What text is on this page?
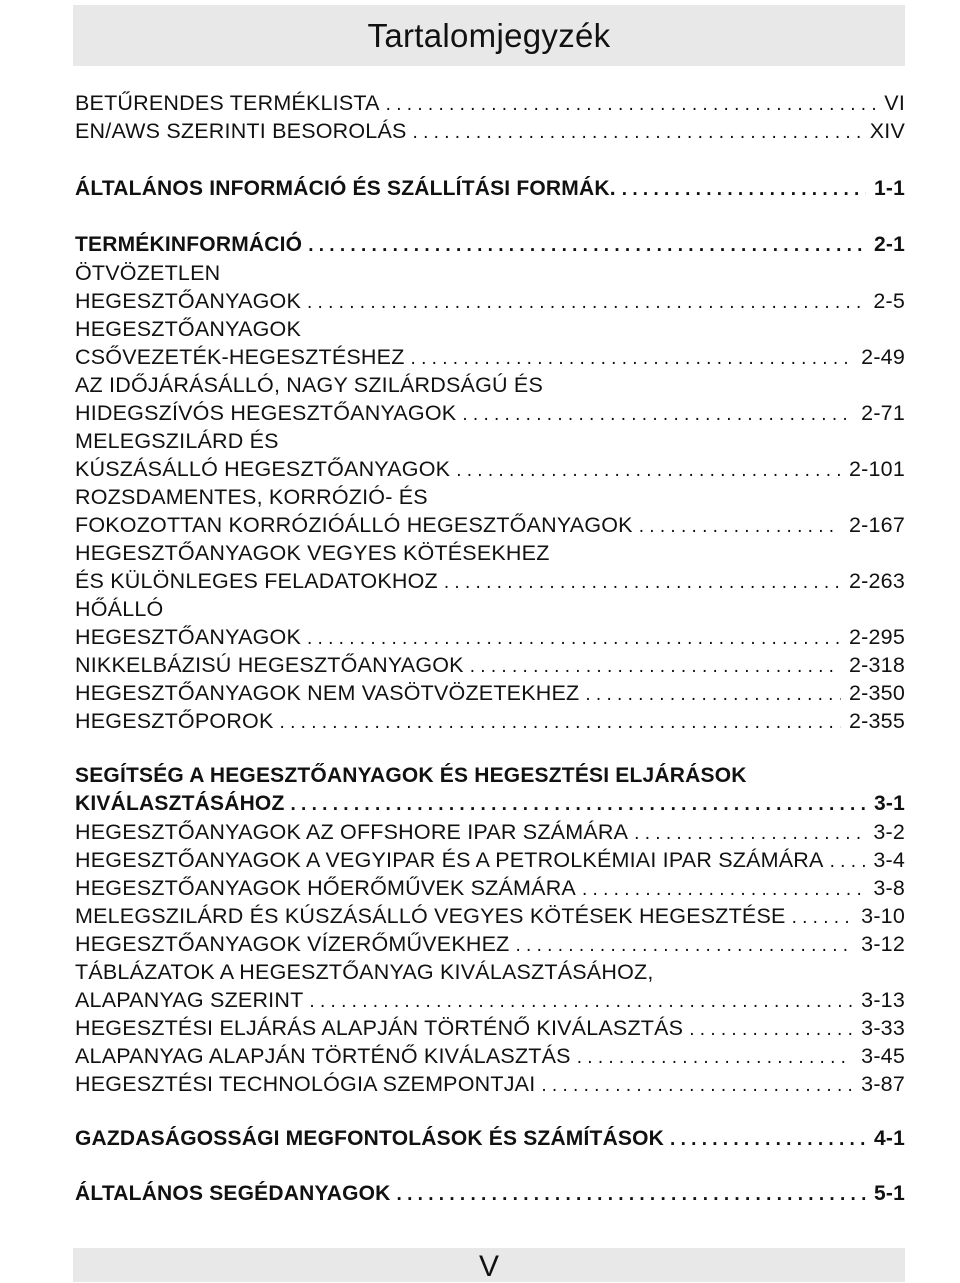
Tartalomjegyzék
BETŰRENDES TERMÉKLISTA . . .	VI
EN/AWS SZERINTI BESOROLÁS . . .	XIV
ÁLTALÁNOS INFORMÁCIÓ ÉS SZÁLLÍTÁSI FORMÁK. . . .	1-1
TERMÉKINFORMÁCIÓ . . .	2-1
ÖTVÖZETLEN
HEGESZTŐANYAGOK . . .	2-5
HEGESZTŐANYAGOK
CSŐVEZETÉK-HEGESZTÉSHEZ . . .	2-49
AZ IDŐJÁRÁSÁLLÓ, NAGY SZILÁRDSÁGÚ ÉS
HIDEGSZÍVÓS HEGESZTŐANYAGOK . . .	2-71
MELEGSZILÁRD ÉS
KÚSZÁSÁLLÓ HEGESZTŐANYAGOK . . .	2-101
ROZSDAMENTES, KORRÓZIÓ- ÉS
FOKOZOTTAN KORRÓZIÓÁLLÓ HEGESZTŐANYAGOK . . .	2-167
HEGESZTŐANYAGOK VEGYES KÖTÉSEKHEZ
ÉS KÜLÖNLEGES FELADATOKHOZ . . .	2-263
HŐÁLLÓ
HEGESZTŐANYAGOK . . .	2-295
NIKKELBÁZISÚ HEGESZTŐANYAGOK . . .	2-318
HEGESZTŐANYAGOK NEM VASÖTVÖZETEKHEZ . . .	2-350
HEGESZTŐPOROK . . .	2-355
SEGÍTSÉG A HEGESZTŐANYAGOK ÉS HEGESZTÉSI ELJÁRÁSOK
KIVÁLASZTÁSÁHOZ . . .	3-1
HEGESZTŐANYAGOK AZ OFFSHORE IPAR SZÁMÁRA . . .	3-2
HEGESZTŐANYAGOK A VEGYIPAR ÉS A PETROLKÉMIAI IPAR SZÁMÁRA . . . 3-4
HEGESZTŐANYAGOK HŐERŐMŰVEK SZÁMÁRA . . .	3-8
MELEGSZILÁRD ÉS KÚSZÁSÁLLÓ VEGYES KÖTÉSEK HEGESZTÉSE . . .	3-10
HEGESZTŐANYAGOK VÍZERŐMŰVEKHEZ . . .	3-12
TÁBLÁZATOK A HEGESZTŐANYAG KIVÁLASZTÁSÁHOZ,
ALAPANYAG SZERINT . . .	3-13
HEGESZTÉSI ELJÁRÁS ALAPJÁN TÖRTÉNŐ KIVÁLASZTÁS . . .	3-33
ALAPANYAG ALAPJÁN TÖRTÉNŐ KIVÁLASZTÁS . . .	3-45
HEGESZTÉSI TECHNOLÓGIA SZEMPONTJAI . . .	3-87
GAZDASÁGOSSÁGI MEGFONTOLÁSOK ÉS SZÁMÍTÁSOK . . .	4-1
ÁLTALÁNOS SEGÉDANYAGOK . . .	5-1
V
